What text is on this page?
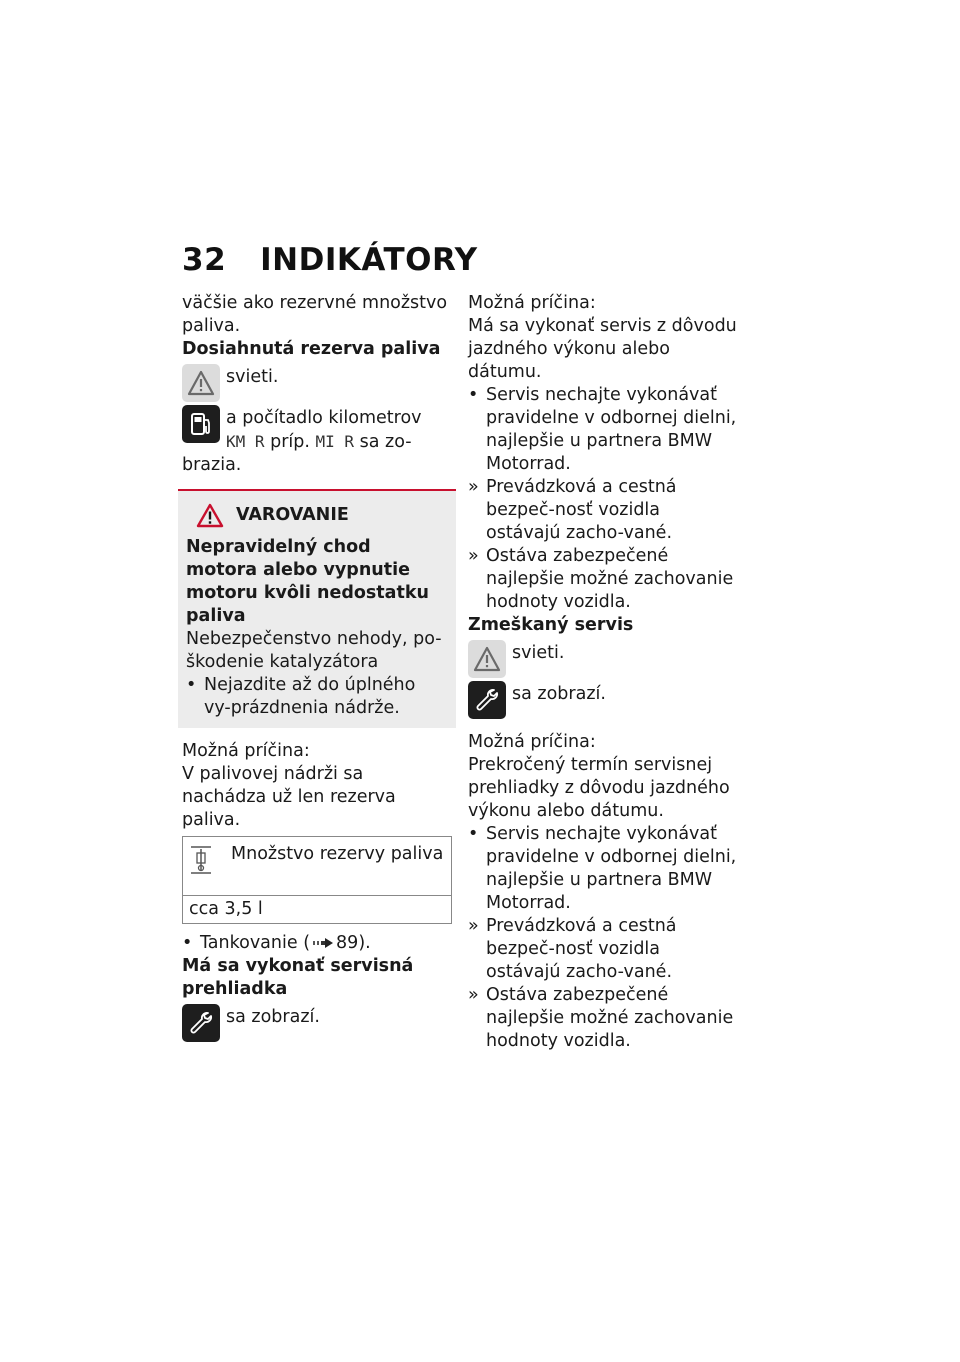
32 INDIKÁTORY

väčšie ako rezervné množstvo paliva.

Dosiahnutá rezerva paliva

svieti.
a počítadlo kilometrov
KM R príp. MI R sa zo-

brazia.

VAROVANIE

Nepravidelný chod motora alebo vypnutie motoru kvôli nedostatku paliva

Nebezpečenstvo nehody, po-škodenie katalyzátora

• Nejazdite až do úplného vy-prázdnenia nádrže.

Možná príčina:

V palivovej nádrži sa nachádza už len rezerva paliva.

Množstvo rezervy paliva
cca 3,5 l

• Tankovanie ( 89).

Má sa vykonať servisná prehliadka

sa zobrazí.

Možná príčina:

Má sa vykonať servis z dôvodu jazdného výkonu alebo dátumu.

• Servis nechajte vykonávať pravidelne v odbornej dielni, najlepšie u partnera BMW Motorrad.

» Prevádzková a cestná bezpeč-nosť vozidla ostávajú zacho-vané.

» Ostáva zabezpečené najlepšie možné zachovanie hodnoty vozidla.

Zmeškaný servis

svieti.
sa zobrazí.

Možná príčina:

Prekročený termín servisnej prehliadky z dôvodu jazdného výkonu alebo dátumu.

• Servis nechajte vykonávať pravidelne v odbornej dielni, najlepšie u partnera BMW Motorrad.

» Prevádzková a cestná bezpeč-nosť vozidla ostávajú zacho-vané.

» Ostáva zabezpečené najlepšie možné zachovanie hodnoty vozidla.
